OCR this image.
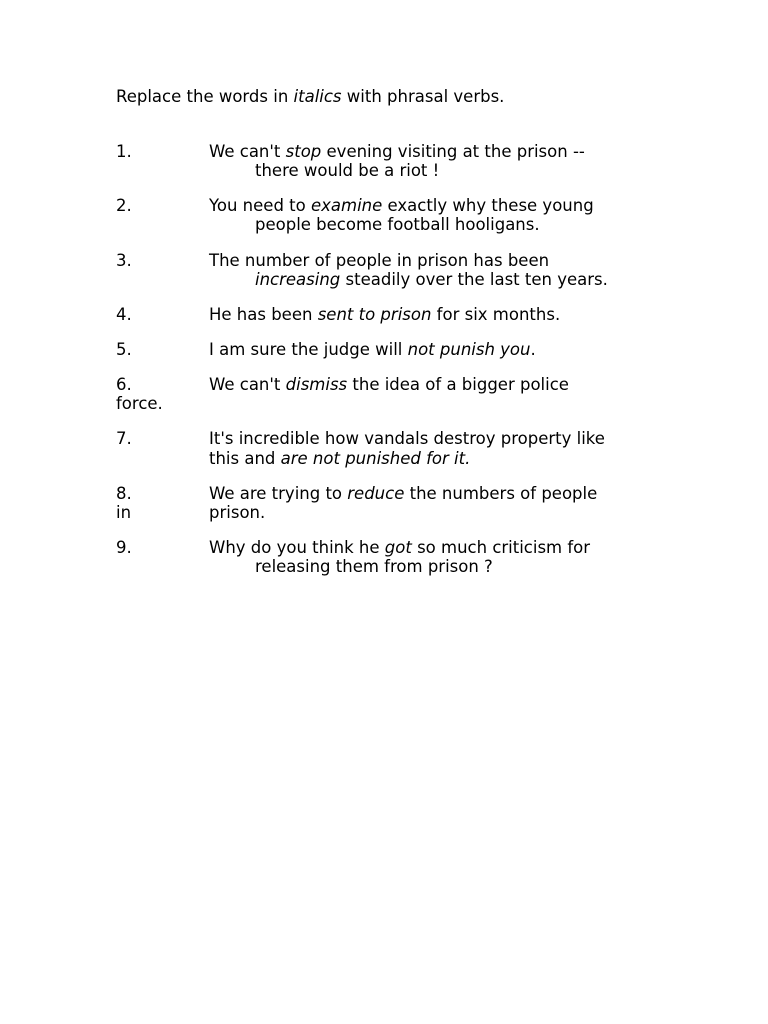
Replace the words in italics with phrasal verbs.
1.	We can't stop evening visiting at the prison --
there would be a riot !
2.	You need to examine exactly why these young
people become football hooligans.
3.	The number of people in prison has been
increasing steadily over the last ten years.
4.	He has been sent to prison for six months.
5.	I am sure the judge will not punish you.
6.	We can't dismiss the idea of a bigger police
force.
7.	It's incredible how vandals destroy property like
this and are not punished for it.
8.	We are trying to reduce the numbers of people
in	prison.
9.	Why do you think he got so much criticism for
releasing them from prison ?
